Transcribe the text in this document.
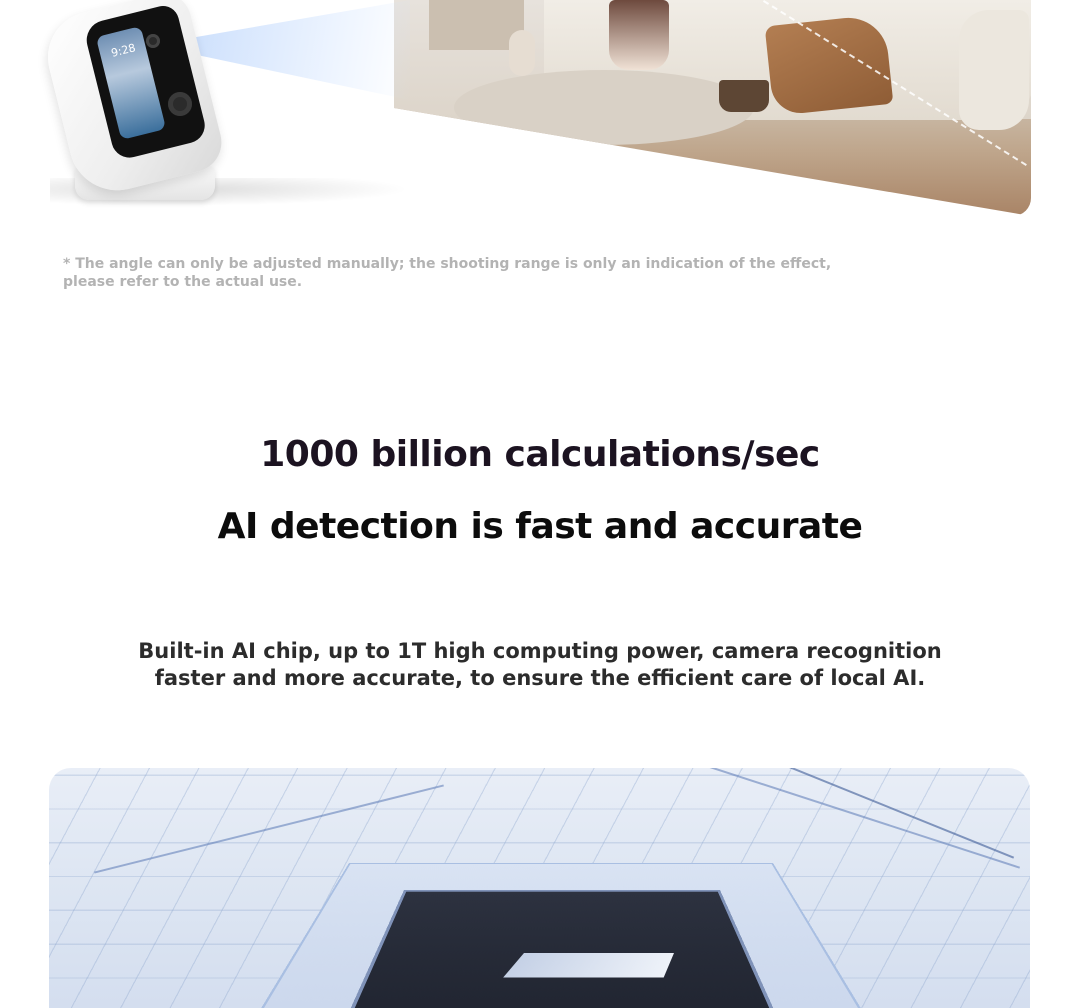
9:28
* The angle can only be adjusted manually; the shooting range is only an indication of the effect, please refer to the actual use.
1000 billion calculations/sec
AI detection is fast and accurate
Built-in AI chip, up to 1T high computing power, camera recognition faster and more accurate, to ensure the efficient care of local AI.
